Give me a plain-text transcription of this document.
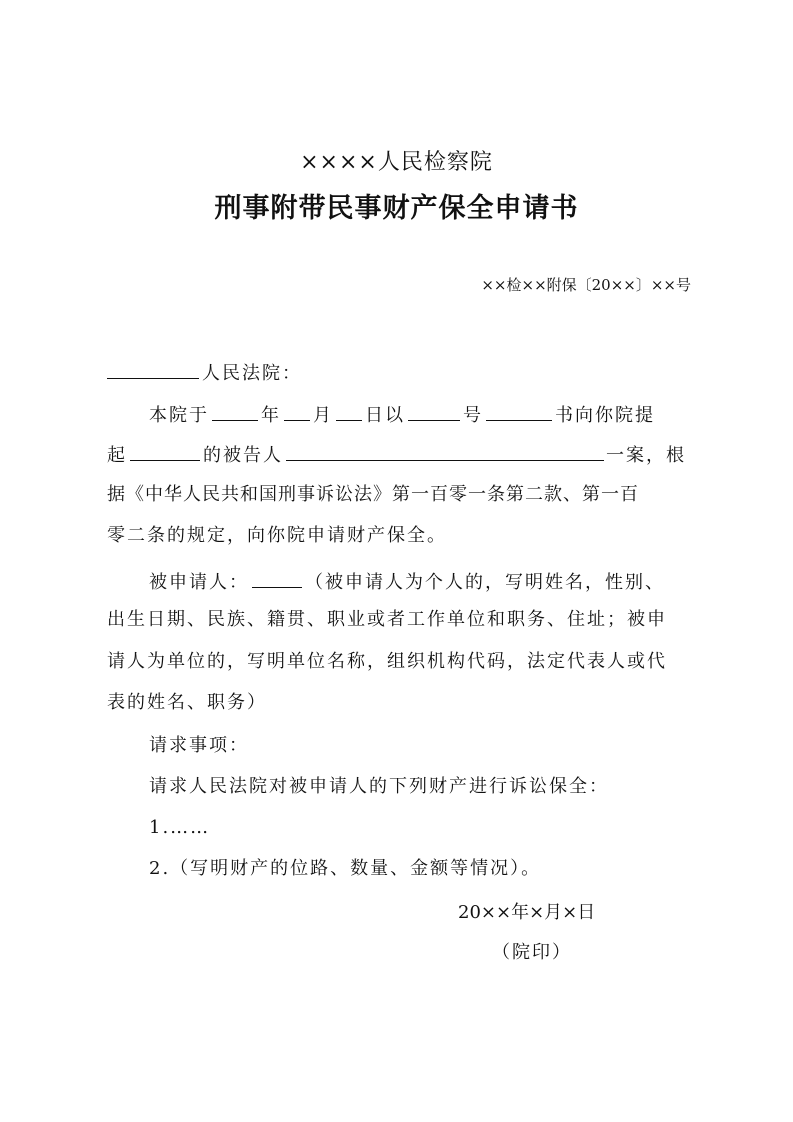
××××人民检察院
刑事附带民事财产保全申请书
××检××附保〔20××〕××号
人民法院：
本院于	年 月 日以	号	书向你院提
起	的被告人	一案，根
据《中华人民共和国刑事诉讼法》第一百零一条第二款、第一百
零二条的规定，向你院申请财产保全。
被申请人：	（被申请人为个人的，写明姓名，性别、
出生日期、民族、籍贯、职业或者工作单位和职务、住址；被申
请人为单位的，写明单位名称，组织机构代码，法定代表人或代
表的姓名、职务）
请求事项：
请求人民法院对被申请人的下列财产进行诉讼保全：
1.……
2.（写明财产的位路、数量、金额等情况）。
20××年×月×日
（院印）
